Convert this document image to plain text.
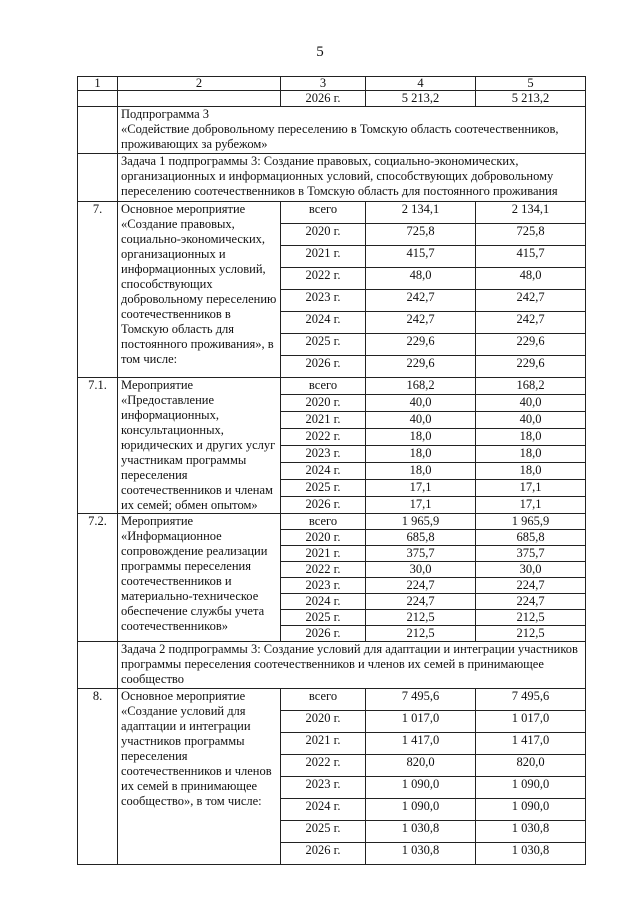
5
1	2	3	4	5
		2026 г.	5 213,2	5 213,2
	Подпрограмма 3
«Содействие добровольному переселению в Томскую область соотечественников, проживающих за рубежом»			
	Задача 1 подпрограммы 3: Создание правовых, социально-экономических, организационных и информационных условий, способствующих добровольному переселению соотечественников в Томскую область для постоянного проживания			
7.	Основное мероприятие «Создание правовых, социально-экономических, организационных и информационных условий, способствующих добровольному переселению соотечественников в Томскую область для постоянного проживания», в том числе:	всего	2 134,1	2 134,1
		2020 г.	725,8	725,8
		2021 г.	415,7	415,7
		2022 г.	48,0	48,0
		2023 г.	242,7	242,7
		2024 г.	242,7	242,7
		2025 г.	229,6	229,6
		2026 г.	229,6	229,6
7.1.	Мероприятие «Предоставление информационных, консультационных, юридических и других услуг участникам программы переселения соотечественников и членам их семей; обмен опытом»	всего	168,2	168,2
		2020 г.	40,0	40,0
		2021 г.	40,0	40,0
		2022 г.	18,0	18,0
		2023 г.	18,0	18,0
		2024 г.	18,0	18,0
		2025 г.	17,1	17,1
		2026 г.	17,1	17,1
7.2.	Мероприятие «Информационное сопровождение реализации программы переселения соотечественников и материально-техническое обеспечение службы учета соотечественников»	всего	1 965,9	1 965,9
		2020 г.	685,8	685,8
		2021 г.	375,7	375,7
		2022 г.	30,0	30,0
		2023 г.	224,7	224,7
		2024 г.	224,7	224,7
		2025 г.	212,5	212,5
		2026 г.	212,5	212,5
	Задача 2 подпрограммы 3: Создание условий для адаптации и интеграции участников программы переселения соотечественников и членов их семей в принимающее сообщество			
8.	Основное мероприятие «Создание условий для адаптации и интеграции участников программы переселения соотечественников и членов их семей в принимающее сообщество», в том числе:	всего	7 495,6	7 495,6
		2020 г.	1 017,0	1 017,0
		2021 г.	1 417,0	1 417,0
		2022 г.	820,0	820,0
		2023 г.	1 090,0	1 090,0
		2024 г.	1 090,0	1 090,0
		2025 г.	1 030,8	1 030,8
		2026 г.	1 030,8	1 030,8
